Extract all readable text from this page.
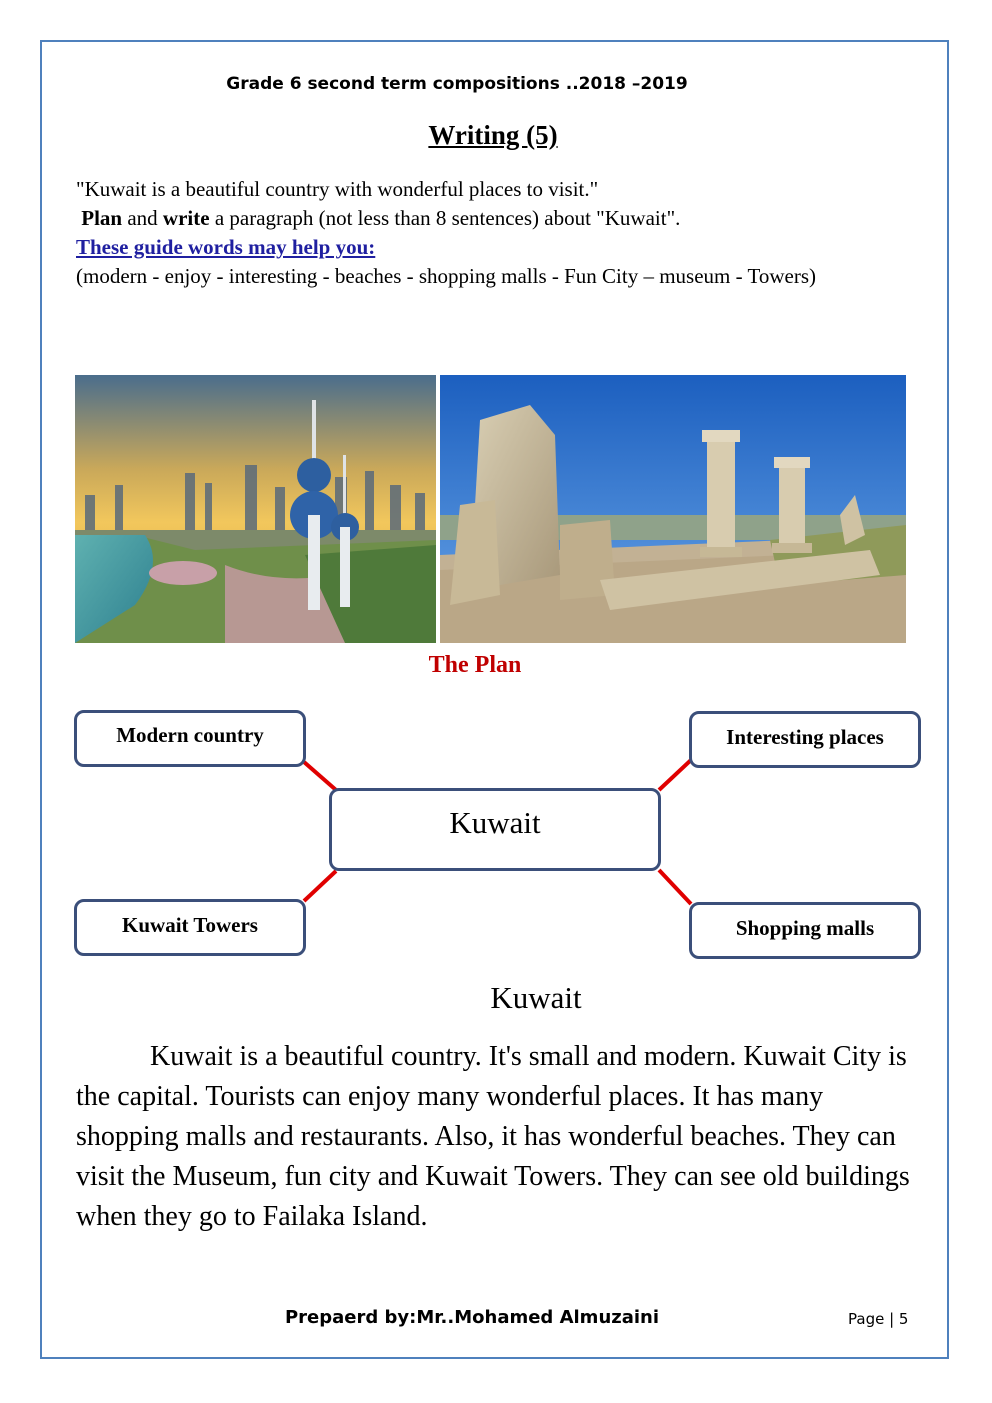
Grade 6 second term compositions ..2018 –2019
Writing (5)
"Kuwait is a beautiful country with wonderful places to visit."
Plan and write a paragraph (not less than 8 sentences) about "Kuwait".
These guide words may help you:
(modern - enjoy - interesting - beaches - shopping malls - Fun City – museum - Towers)
The Plan
Kuwait
Modern country	Interesting places
Kuwait Towers	Shopping malls
Kuwait

Kuwait is a beautiful country. It's small and modern. Kuwait City is the capital. Tourists can enjoy many wonderful places. It has many shopping malls and restaurants. Also, it has wonderful beaches. They can visit the Museum, fun city and Kuwait Towers. They can see old buildings when they go to Failaka Island.

Prepaerd by:Mr..Mohamed Almuzaini	Page | 5
